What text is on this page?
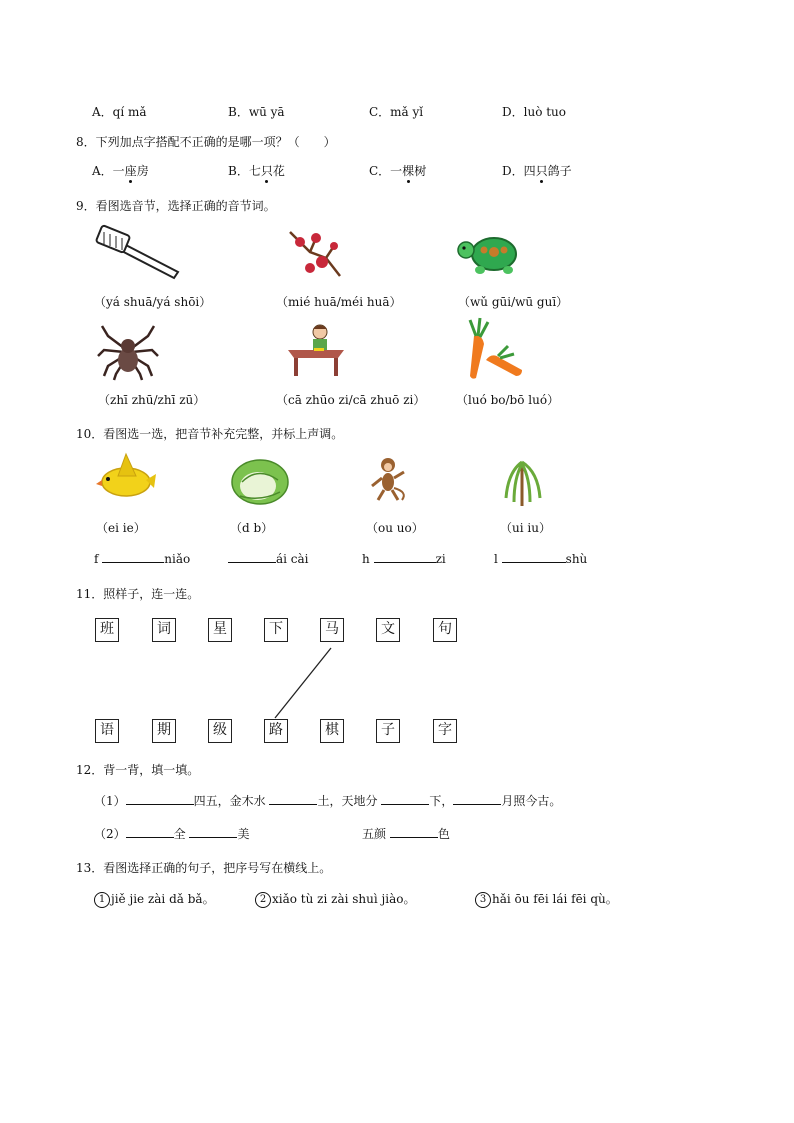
A．qí mǎ	B．wū yā	C．mǎ yǐ	D．luò tuo
8．下列加点字搭配不正确的是哪一项？（　　）
A．一座房	B．七只花	C．一棵树	D．四只鸽子
9．看图选音节，选择正确的音节词。
（yá shuā/yá shōi）	（mié huā/méi huā）	（wǔ gūi/wū guī）
（zhī zhū/zhī zū）	（cā zhūo zi/cā zhuō zi）	（luó bo/bō luó）
10．看图选一选，把音节补充完整，并标上声调。
（ei ie）	（d b）	（ou uo）	（ui iu）
f	niǎo	ái cài	h	zi	l	shù
11．照样子，连一连。
班	词	星	下	马	文	句
语	期	级	路	棋	子	字
12．背一背，填一填。
（1）	四五，金木水	土，天地分	下，	月照今古。
（2）	全	美	五颜	色
13．看图选择正确的句子，把序号写在横线上。
1 jiě jie zài dǎ bǎ。	2 xiǎo tù zi zài shuì jiào。	3 hǎi ōu fēi lái fēi qù。
